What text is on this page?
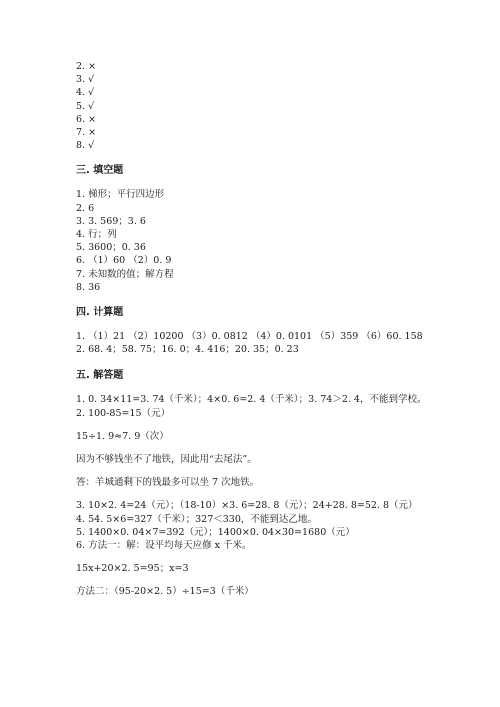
2. ×
3. √
4. √
5. √
6. ×
7. ×
8. √
三. 填空题
1. 梯形；平行四边形
2. 6
3. 3. 569；3. 6
4. 行；列
5. 3600；0. 36
6. （1）60 （2）0. 9
7. 未知数的值；解方程
8. 36
四. 计算题
1. （1）21 （2）10200 （3）0. 0812 （4）0. 0101 （5）359 （6）60. 158
2. 68. 4；58. 75；16. 0；4. 416；20. 35；0. 23
五. 解答题
1. 0. 34×11=3. 74（千米）；4×0. 6=2. 4（千米）；3. 74＞2. 4，不能到学校。
2. 100-85=15（元）
15÷1. 9≈7. 9（次）
因为不够钱坐不了地铁，因此用“去尾法”。
答：羊城通剩下的钱最多可以坐 7 次地铁。
3. 10×2. 4=24（元）；（18-10）×3. 6=28. 8（元）；24+28. 8=52. 8（元）
4. 54. 5×6=327（千米）；327＜330，不能到达乙地。
5. 1400×0. 04×7=392（元）；1400×0. 04×30=1680（元）
6. 方法一：解：设平均每天应修 x 千米。
15x+20×2. 5=95；x=3
方法二：（95-20×2. 5）÷15=3（千米）
